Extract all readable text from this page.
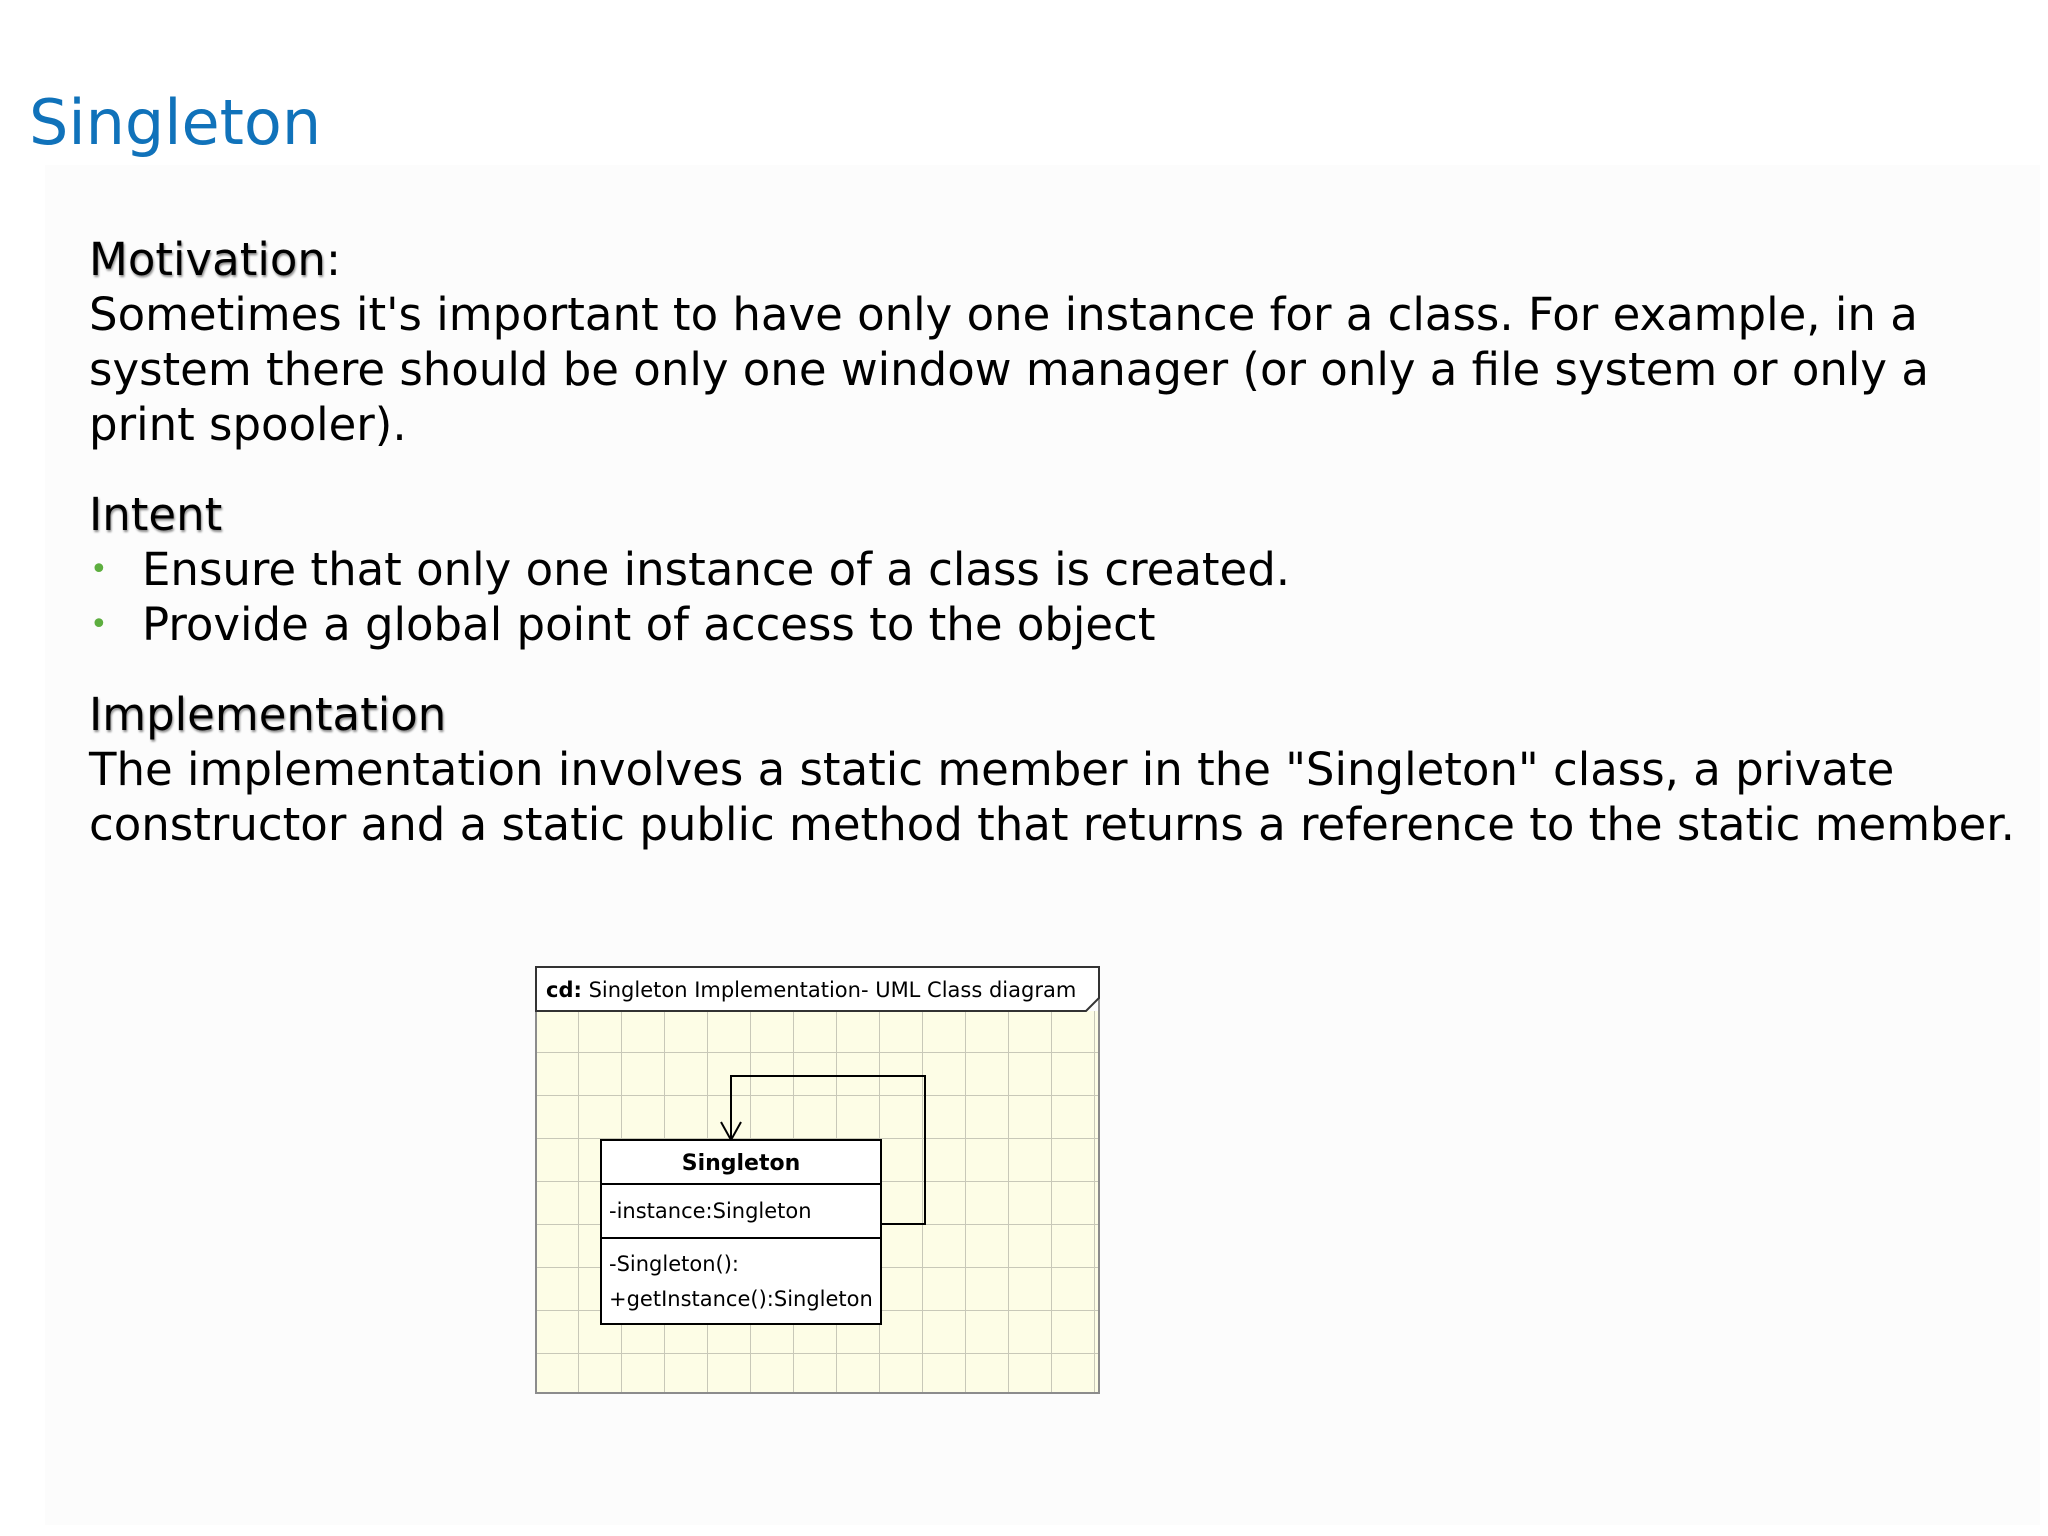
Singleton
Motivation:

Sometimes it's important to have only one instance for a class. For example, in a system there should be only one window manager (or only a file system or only a print spooler).

Intent
• Ensure that only one instance of a class is created.
• Provide a global point of access to the object
Implementation

The implementation involves a static member in the "Singleton" class, a private constructor and a static public method that returns a reference to the static member.

cd: Singleton Implementation- UML Class diagram
Singleton
-instance:Singleton
-Singleton():
+getInstance():Singleton
